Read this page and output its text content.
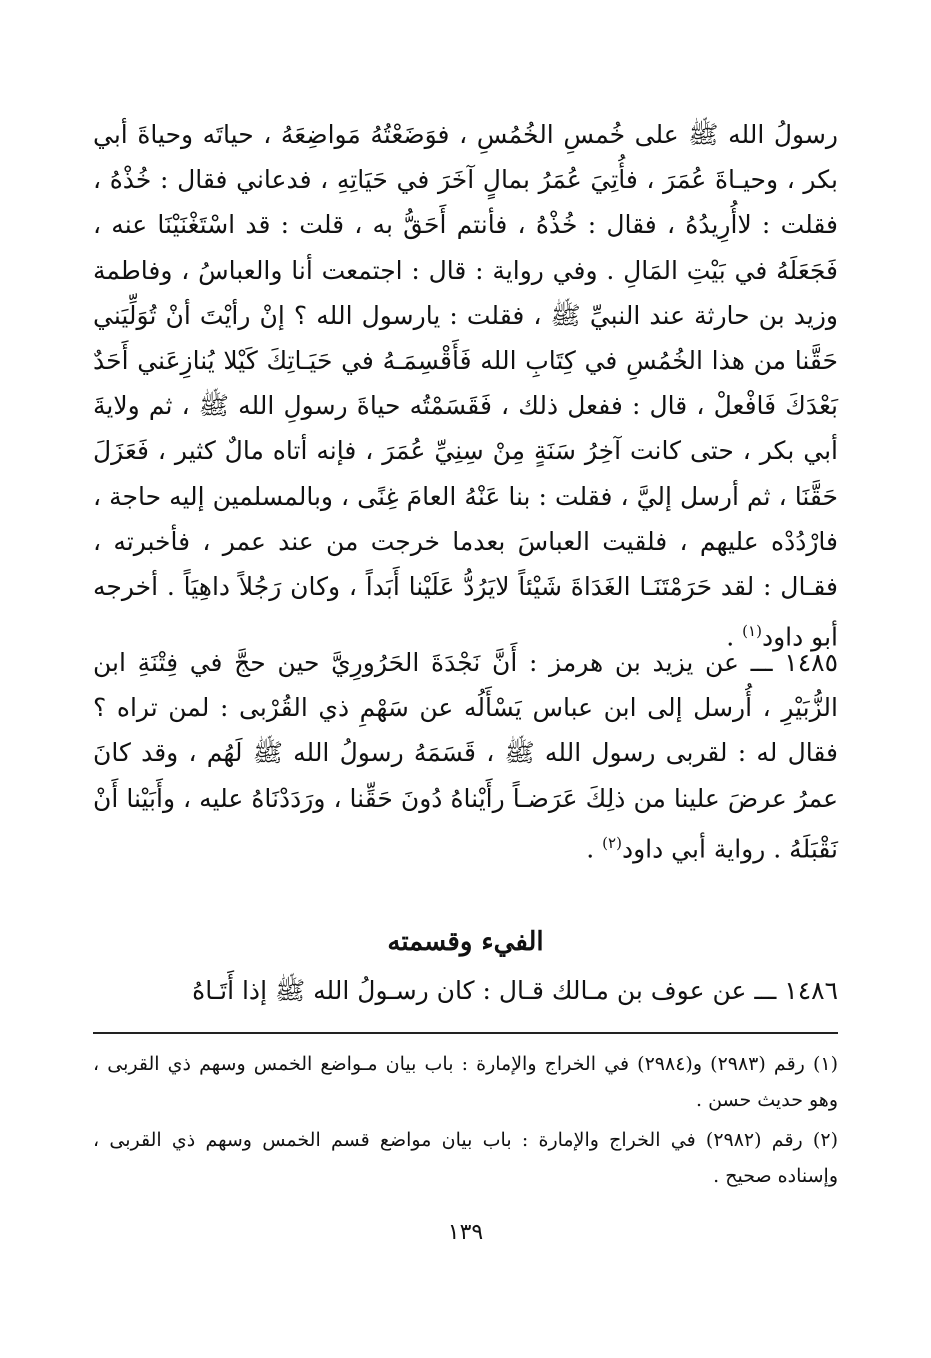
رسولُ الله ﷺ على خُمسِ الخُمُسِ ، فوَضَعْتُهُ مَواضِعَهُ ، حياتَه وحياةَ أبي بكر ، وحيـاةَ عُمَرَ ، فأُتِيَ عُمَرُ بمالٍ آخَرَ في حَيَاتِهِ ، فدعاني فقال : خُذْهُ ، فقلت : لاأُرِيدُهُ ، فقال : خُذْهُ ، فأنتم أَحَقُّ به ، قلت : قد اسْتَغْنَيْنَا عنه ، فَجَعَلَهُ في بَيْتِ المَالِ . وفي رواية : قال : اجتمعت أنا والعباسُ ، وفاطمة وزيد بن حارثة عند النبيِّ ﷺ ، فقلت : يارسول الله ؟ إنْ رأيْتَ أنْ تُوَلِّيَني حَقَّنا من هذا الخُمُسِ في كِتَابِ الله فَأَقْسِمَـهُ في حَيَـاتِكَ كَيْلا يُنازِعَني أَحَدٌ بَعْدَكَ فَافْعلْ ، قال : ففعل ذلك ، فَقَسَمْتُه حياةَ رسولِ الله ﷺ ، ثم ولايةَ أبي بكر ، حتى كانت آخِرُ سَنَةٍ مِنْ سِنِيِّ عُمَرَ ، فإنه أتاه مالٌ كثير ، فَعَزَلَ حَقَّنَا ، ثم أرسل إليَّ ، فقلت : بنا عَنْهُ العامَ غِنًى ، وبالمسلمين إليه حاجة ، فارْدُدْه عليهم ، فلقيت العباسَ بعدما خرجت من عند عمر ، فأخبرته ، فقـال : لقد حَرَمْتَنَـا الغَدَاةَ شَيْئاً لايَرُدُّ عَلَيْنا أَبَداً ، وكان رَجُلاً داهِيَاً . أخرجه أبو داود$^{(١)}$ .

١٤٨٥ ـــ عن يزيد بن هرمز : أَنَّ نَجْدَةَ الحَرُورِيَّ حين حجَّ في فِتْنَةِ ابن الزُّبَيْرِ ، أُرسل إلى ابن عباس يَسْأَلُه عن سَهْمِ ذي القُرْبى : لمن تراه ؟ فقال له : لقربى رسول الله ﷺ ، قَسَمَهُ رسولُ الله ﷺ لَهُم ، وقد كانَ عمرُ عرضَ علينا من ذلِكَ عَرَضـاً رأَيْناهُ دُونَ حَقِّنا ، ورَدَدْنَاهُ عليه ، وأَبَيْنا أَنْ نَقْبَلَهُ . رواية أبي داود$^{(٢)}$ .

الفيء وقسمته

١٤٨٦ ـــ عن عوف بن مـالك قـال : كان رسـولُ الله ﷺ إذا أَتَـاهُ

(١) رقم (٢٩٨٣) و(٢٩٨٤) في الخراج والإمارة : باب بيان مـواضع الخمس وسهم ذي القربى ، وهو حديث حسن .

(٢) رقم (٢٩٨٢) في الخراج والإمارة : باب بيان مواضع قسم الخمس وسهم ذي القربى ، وإسناده صحيح .

١٣٩
